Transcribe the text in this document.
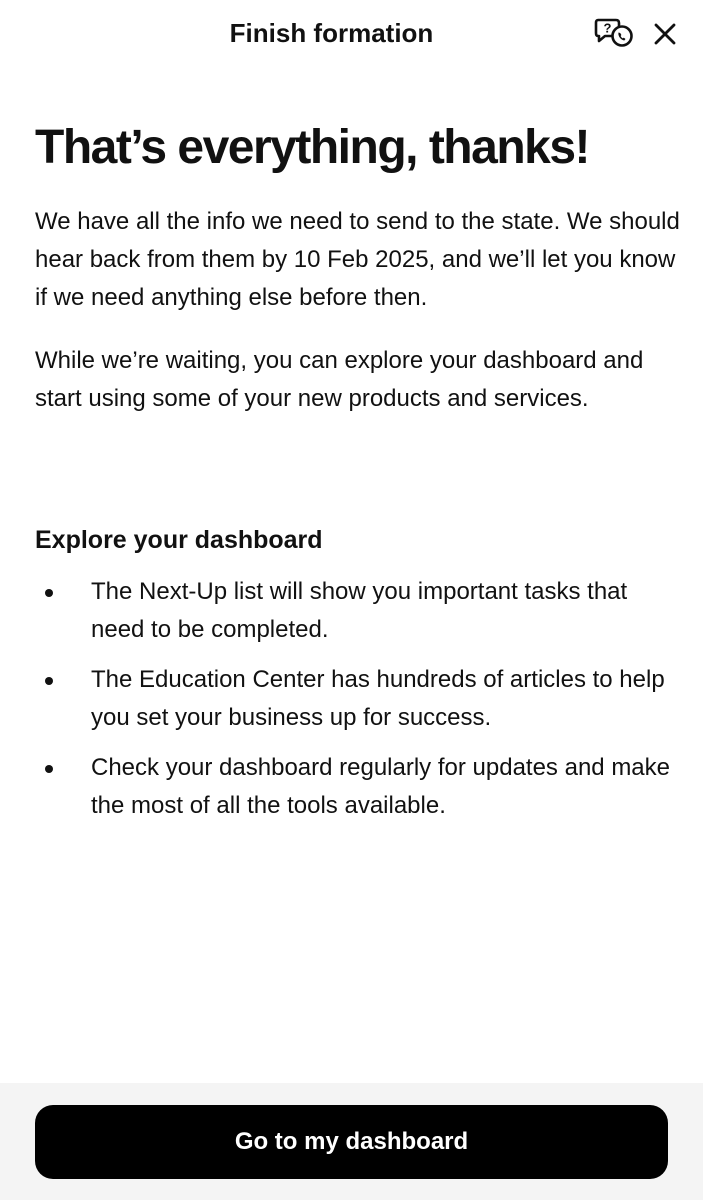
Finish formation	?
That’s everything, thanks!

We have all the info we need to send to the state. We should hear back from them by 10 Feb 2025, and we’ll let you know if we need anything else before then.

While we’re waiting, you can explore your dashboard and start using some of your new products and services.

Explore your dashboard
The Next-Up list will show you important tasks that need to be completed.
The Education Center has hundreds of articles to help you set your business up for success.
Check your dashboard regularly for updates and make the most of all the tools available.
Go to my dashboard
